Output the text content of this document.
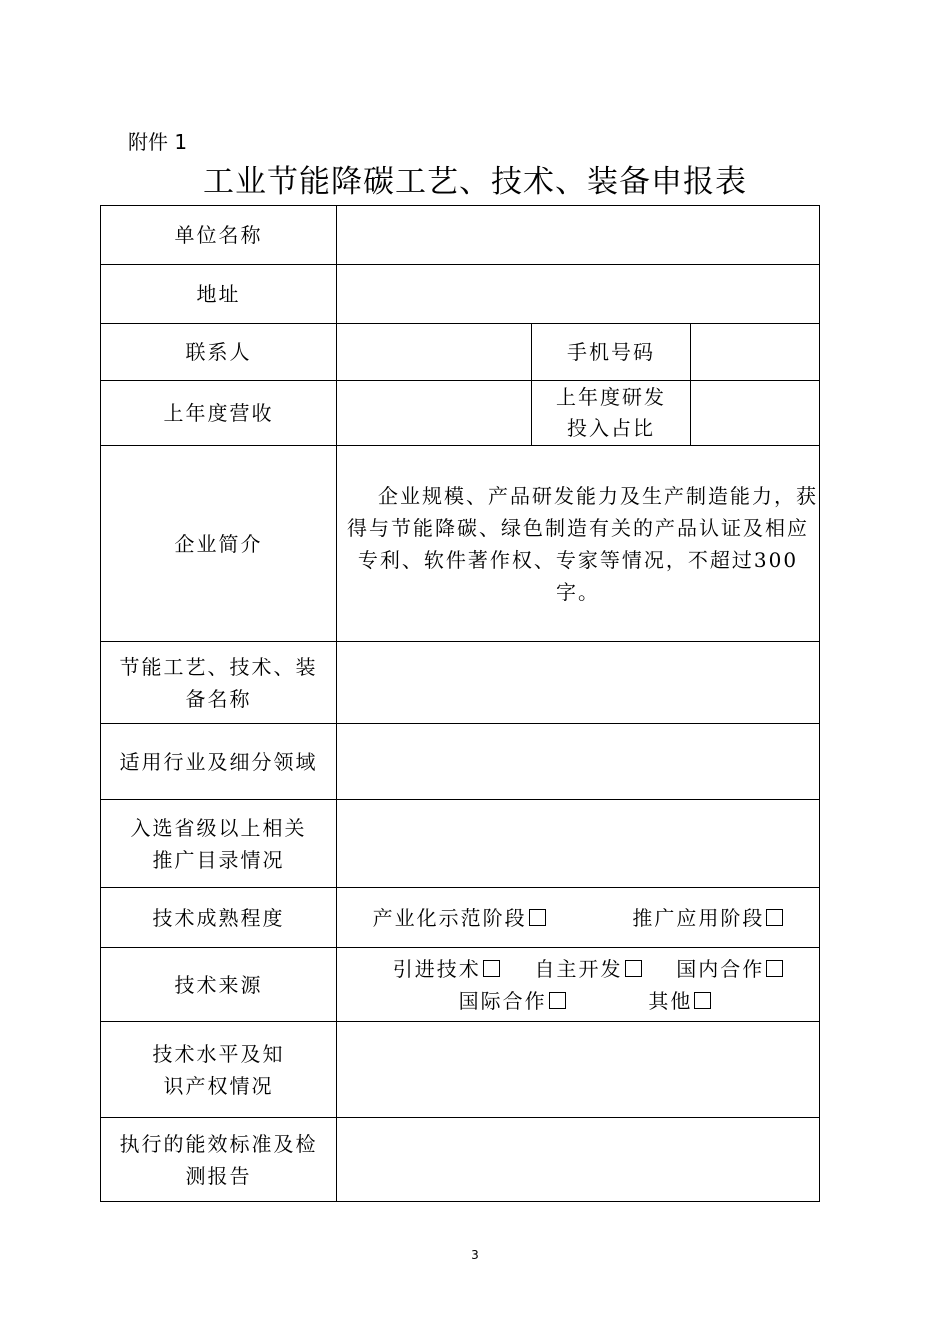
附件 1
工业节能降碳工艺、技术、装备申报表
单位名称			
地址			
联系人		手机号码	
上年度营收		上年度研发投入占比	
企业简介	企业规模、产品研发能力及生产制造能力，获得与节能降碳、绿色制造有关的产品认证及相应专利、软件著作权、专家等情况，不超过300字。		
节能工艺、技术、装备名称			
适用行业及细分领域			
入选省级以上相关推广目录情况			
技术成熟程度	产业化示范阶段 推广应用阶段		
技术来源	引进技术 自主开发 国内合作
国际合作 其他		

技术水平及知识产权情况			
执行的能效标准及检测报告			
3
